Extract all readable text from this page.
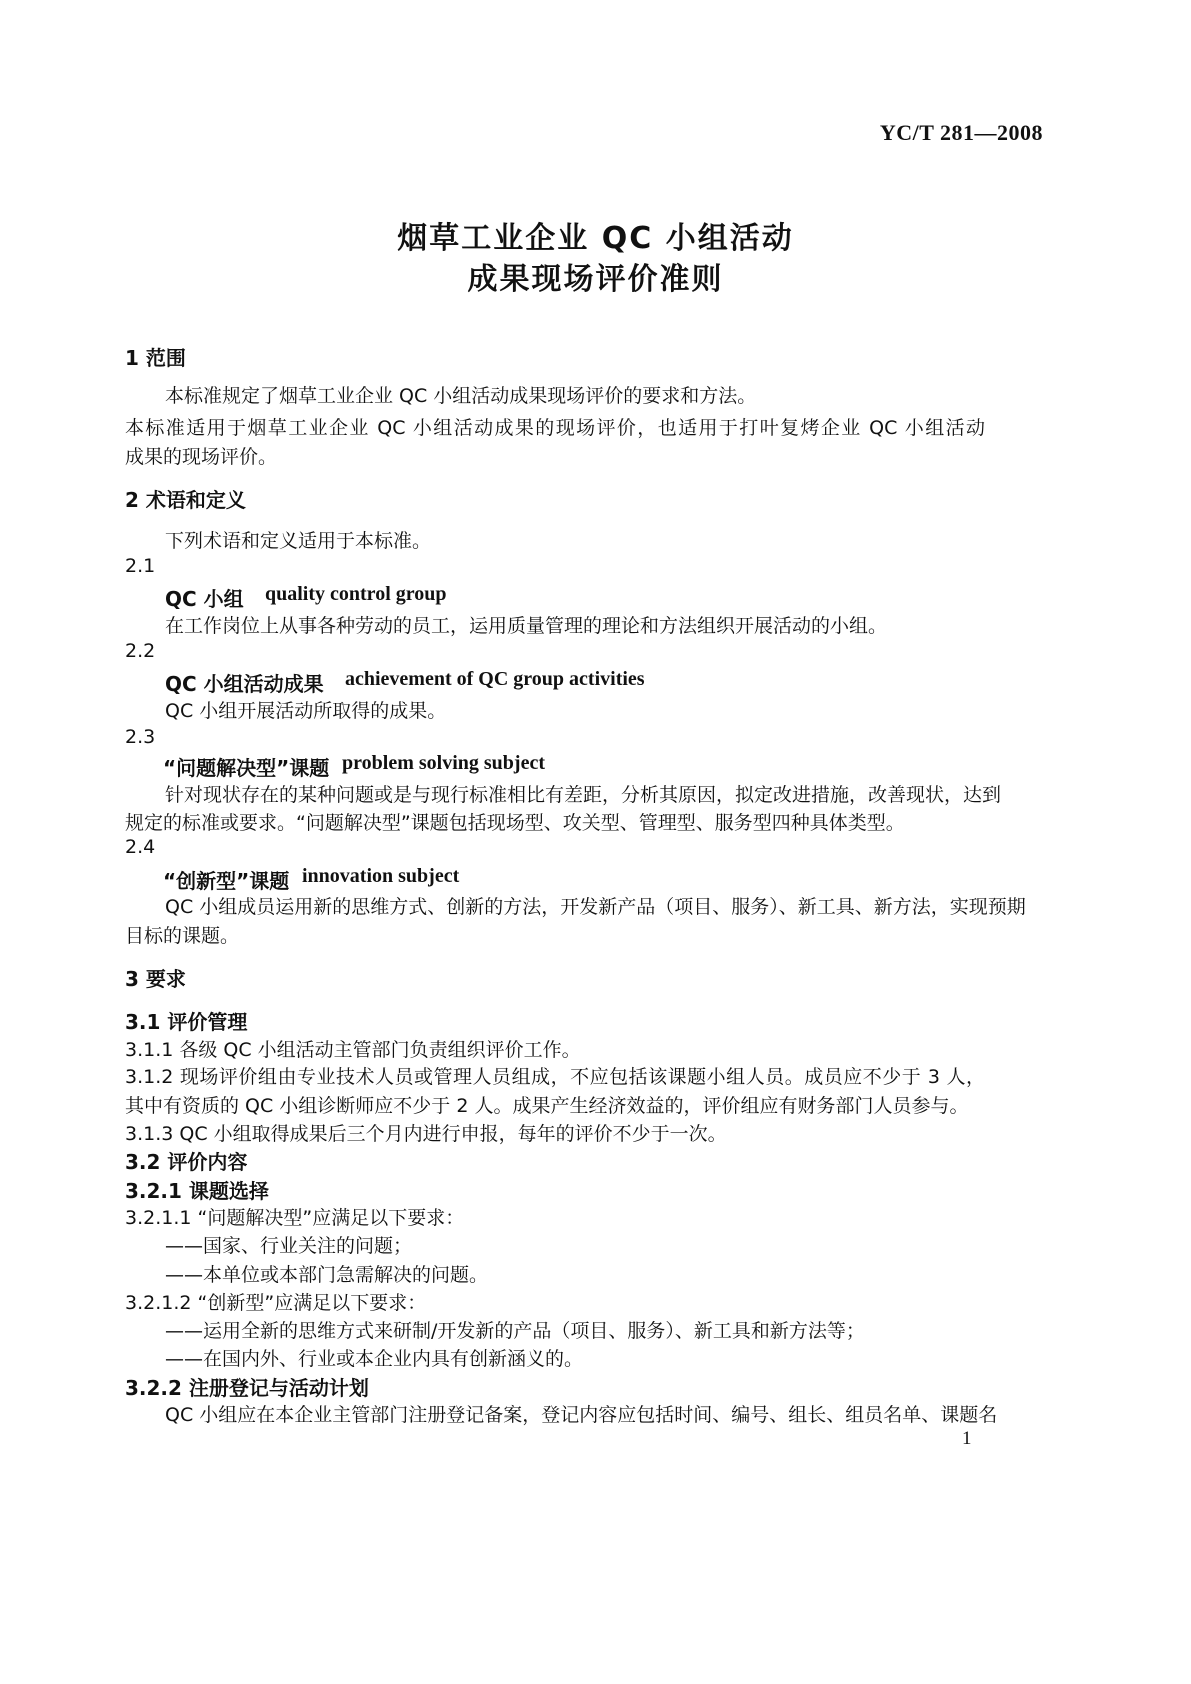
YC/T 281—2008
烟草工业企业 QC 小组活动
成果现场评价准则
1 范围
本标准规定了烟草工业企业 QC 小组活动成果现场评价的要求和方法。
本标准适用于烟草工业企业 QC 小组活动成果的现场评价，也适用于打叶复烤企业 QC 小组活动
成果的现场评价。
2 术语和定义
下列术语和定义适用于本标准。
2.1
QC 小组 quality control group
在工作岗位上从事各种劳动的员工，运用质量管理的理论和方法组织开展活动的小组。
2.2
QC 小组活动成果 achievement of QC group activities
QC 小组开展活动所取得的成果。
2.3
“问题解决型”课题 problem solving subject
针对现状存在的某种问题或是与现行标准相比有差距，分析其原因，拟定改进措施，改善现状，达到
规定的标准或要求。“问题解决型”课题包括现场型、攻关型、管理型、服务型四种具体类型。
2.4
“创新型”课题 innovation subject
QC 小组成员运用新的思维方式、创新的方法，开发新产品（项目、服务）、新工具、新方法，实现预期
目标的课题。
3 要求
3.1 评价管理
3.1.1 各级 QC 小组活动主管部门负责组织评价工作。
3.1.2 现场评价组由专业技术人员或管理人员组成，不应包括该课题小组人员。成员应不少于 3 人，
其中有资质的 QC 小组诊断师应不少于 2 人。成果产生经济效益的，评价组应有财务部门人员参与。
3.1.3 QC 小组取得成果后三个月内进行申报，每年的评价不少于一次。
3.2 评价内容
3.2.1 课题选择
3.2.1.1 “问题解决型”应满足以下要求：
——国家、行业关注的问题；
——本单位或本部门急需解决的问题。
3.2.1.2 “创新型”应满足以下要求：
——运用全新的思维方式来研制/开发新的产品（项目、服务）、新工具和新方法等；
——在国内外、行业或本企业内具有创新涵义的。
3.2.2 注册登记与活动计划
QC 小组应在本企业主管部门注册登记备案，登记内容应包括时间、编号、组长、组员名单、课题名
1
